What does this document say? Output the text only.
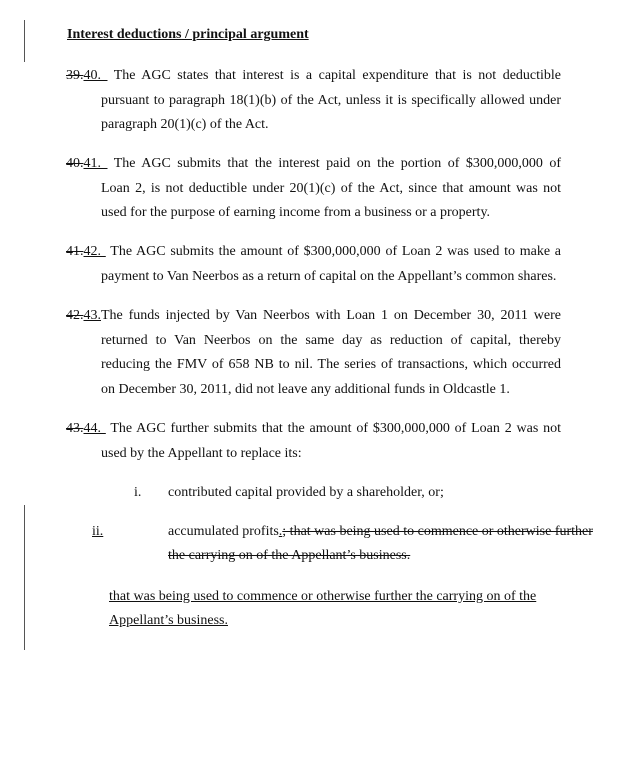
Interest deductions / principal argument
39.40. The AGC states that interest is a capital expenditure that is not deductible
pursuant to paragraph 18(1)(b) of the Act, unless it is specifically allowed under
paragraph 20(1)(c) of the Act.
40.41. The AGC submits that the interest paid on the portion of $300,000,000 of
Loan 2, is not deductible under 20(1)(c) of the Act, since that amount was not
used for the purpose of earning income from a business or a property.
41.42. The AGC submits the amount of $300,000,000 of Loan 2 was used to make a
payment to Van Neerbos as a return of capital on the Appellant’s common shares.
42.43.The funds injected by Van Neerbos with Loan 1 on December 30, 2011 were
returned to Van Neerbos on the same day as reduction of capital, thereby
reducing the FMV of 658 NB to nil. The series of transactions, which occurred
on December 30, 2011, did not leave any additional funds in Oldcastle 1.
43.44. The AGC further submits that the amount of $300,000,000 of Loan 2 was not
used by the Appellant to replace its:
i. contributed capital provided by a shareholder, or;
ii.	accumulated profits.; that was being used to commence or otherwise further the carrying on of the Appellant’s business.
that was being used to commence or otherwise further the carrying on of the Appellant’s business.
